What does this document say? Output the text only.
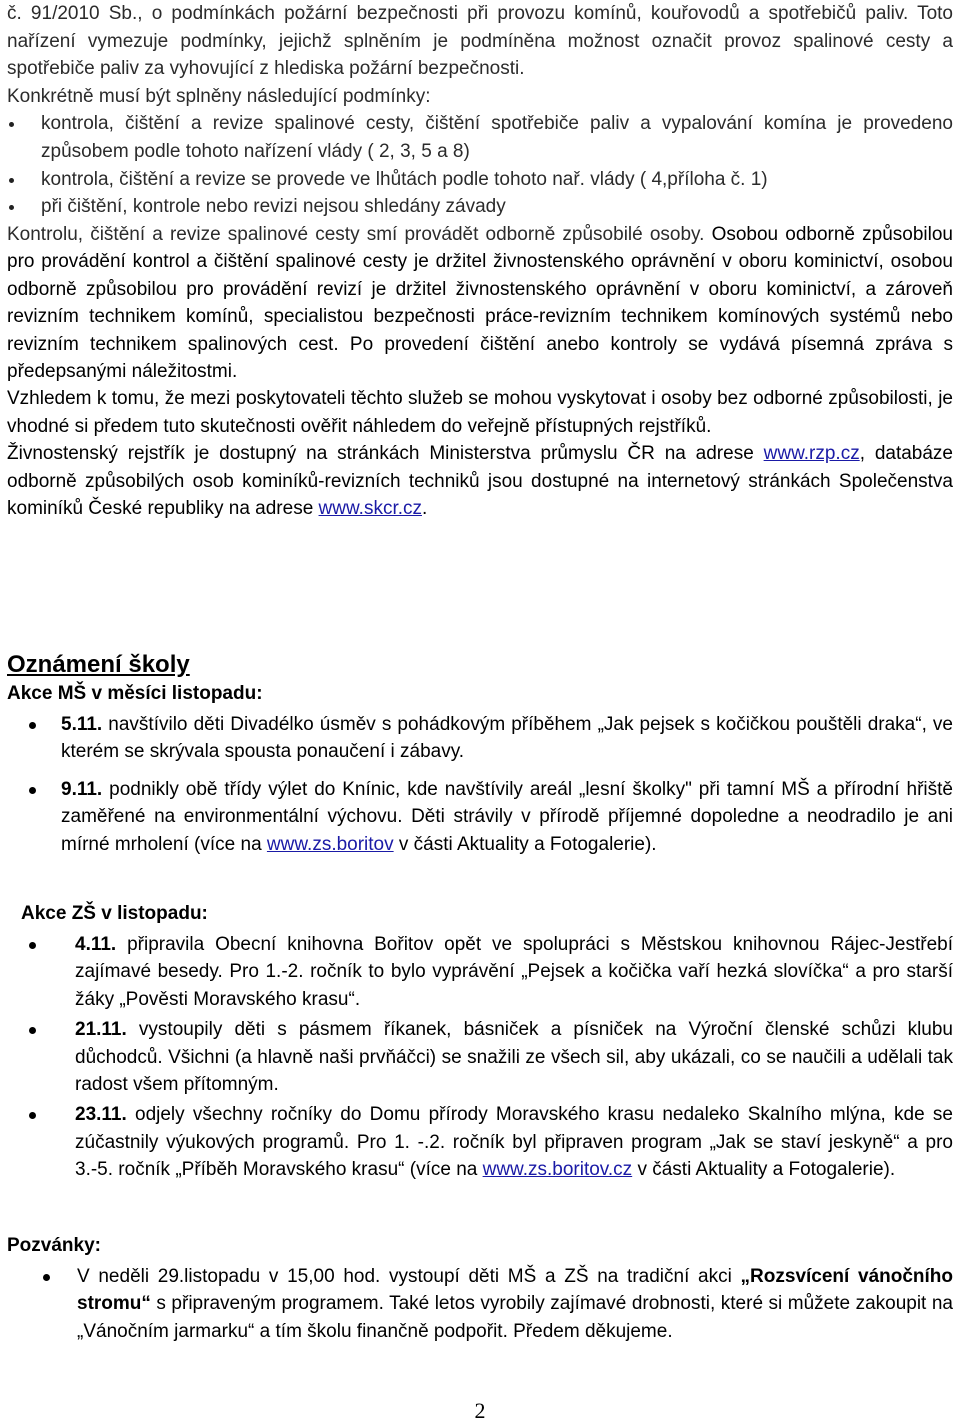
č. 91/2010 Sb., o podmínkách požární bezpečnosti při provozu komínů, kouřovodů a spotřebičů paliv. Toto nařízení vymezuje podmínky, jejichž splněním je podmíněna možnost označit provoz spalinové cesty a spotřebiče paliv za vyhovující z hlediska požární bezpečnosti.

Konkrétně musí být splněny následující podmínky:

kontrola, čištění a revize spalinové cesty, čištění spotřebiče paliv a vypalování komína je provedeno způsobem podle tohoto nařízení vlády ( 2, 3, 5 a 8)
kontrola, čištění a revize se provede ve lhůtách podle tohoto nař. vlády ( 4,příloha č. 1)
při čištění, kontrole nebo revizi nejsou shledány závady

Kontrolu, čištění a revize spalinové cesty smí provádět odborně způsobilé osoby. Osobou odborně způsobilou pro provádění kontrol a čištění spalinové cesty je držitel živnostenského oprávnění v oboru kominictví, osobou odborně způsobilou pro provádění revizí je držitel živnostenského oprávnění v oboru kominictví, a zároveň revizním technikem komínů, specialistou bezpečnosti práce-revizním technikem komínových systémů nebo revizním technikem spalinových cest. Po provedení čištění anebo kontroly se vydává písemná zpráva s předepsanými náležitostmi.

Vzhledem k tomu, že mezi poskytovateli těchto služeb se mohou vyskytovat i osoby bez odborné způsobilosti, je vhodné si předem tuto skutečnosti ověřit náhledem do veřejně přístupných rejstříků.

Živnostenský rejstřík je dostupný na stránkách Ministerstva průmyslu ČR na adrese www.rzp.cz, databáze odborně způsobilých osob kominíků-revizních techniků jsou dostupné na internetový stránkách Společenstva kominíků České republiky na adrese www.skcr.cz.

Oznámení školy
Akce MŠ v měsíci listopadu:
5.11. navštívilo děti Divadélko úsměv s pohádkovým příběhem „Jak pejsek s kočičkou pouštěli draka“, ve kterém se skrývala spousta ponaučení i zábavy.
9.11. podnikly obě třídy výlet do Knínic, kde navštívily areál „lesní školky" při tamní MŠ a přírodní hřiště zaměřené na environmentální výchovu. Děti strávily v přírodě příjemné dopoledne a neodradilo je ani mírné mrholení (více na www.zs.boritov v části Aktuality a Fotogalerie).
Akce ZŠ v listopadu:
4.11. připravila Obecní knihovna Bořitov opět ve spolupráci s Městskou knihovnou Rájec-Jestřebí zajímavé besedy. Pro 1.-2. ročník to bylo vyprávění „Pejsek a kočička vaří hezká slovíčka“ a pro starší žáky „Pověsti Moravského krasu“.
21.11. vystoupily děti s pásmem říkanek, básniček a písniček na Výroční členské schůzi klubu důchodců. Všichni (a hlavně naši prvňáčci) se snažili ze všech sil, aby ukázali, co se naučili a udělali tak radost všem přítomným.
23.11. odjely všechny ročníky do Domu přírody Moravského krasu nedaleko Skalního mlýna, kde se zúčastnily výukových programů. Pro 1. -.2. ročník byl připraven program „Jak se staví jeskyně“ a pro 3.-5. ročník „Příběh Moravského krasu“ (více na www.zs.boritov.cz v části Aktuality a Fotogalerie).
Pozvánky:
V neděli 29.listopadu v 15,00 hod. vystoupí děti MŠ a ZŠ na tradiční akci „Rozsvícení vánočního stromu“ s připraveným programem. Také letos vyrobily zajímavé drobnosti, které si můžete zakoupit na „Vánočním jarmarku“ a tím školu finančně podpořit. Předem děkujeme.
2
